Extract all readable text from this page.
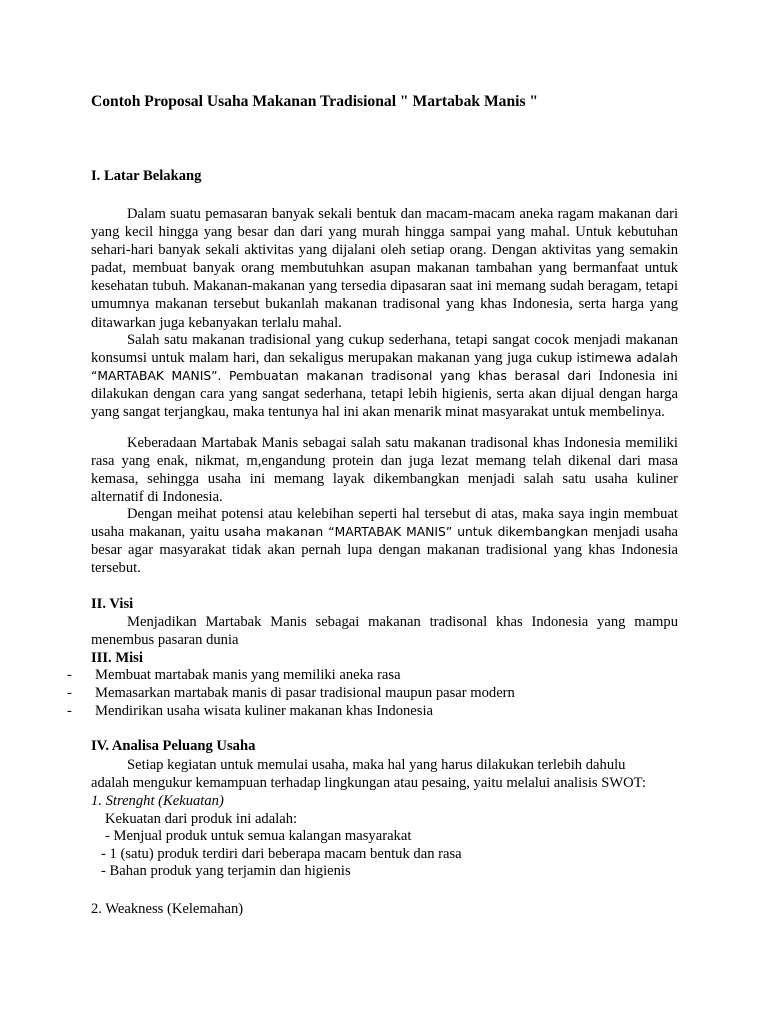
Contoh Proposal Usaha Makanan Tradisional " Martabak Manis "
I. Latar Belakang

Dalam suatu pemasaran banyak sekali bentuk dan macam-macam aneka ragam makanan dari yang kecil hingga yang besar dan dari yang murah hingga sampai yang mahal. Untuk kebutuhan sehari-hari banyak sekali aktivitas yang dijalani oleh setiap orang. Dengan aktivitas yang semakin padat, membuat banyak orang membutuhkan asupan makanan tambahan yang bermanfaat untuk kesehatan tubuh. Makanan-makanan yang tersedia dipasaran saat ini memang sudah beragam, tetapi umumnya makanan tersebut bukanlah makanan tradisonal yang khas Indonesia, serta harga yang ditawarkan juga kebanyakan terlalu mahal.

Salah satu makanan tradisional yang cukup sederhana, tetapi sangat cocok menjadi makanan konsumsi untuk malam hari, dan sekaligus merupakan makanan yang juga cukup istimewa adalah “MARTABAK MANIS”. Pembuatan makanan tradisonal yang khas berasal dari Indonesia ini dilakukan dengan cara yang sangat sederhana, tetapi lebih higienis, serta akan dijual dengan harga yang sangat terjangkau, maka tentunya hal ini akan menarik minat masyarakat untuk membelinya.

Keberadaan Martabak Manis sebagai salah satu makanan tradisonal khas Indonesia memiliki rasa yang enak, nikmat, m,engandung protein dan juga lezat memang telah dikenal dari masa kemasa, sehingga usaha ini memang layak dikembangkan menjadi salah satu usaha kuliner alternatif di Indonesia.

Dengan meihat potensi atau kelebihan seperti hal tersebut di atas, maka saya ingin membuat usaha makanan, yaitu usaha makanan “MARTABAK MANIS” untuk dikembangkan menjadi usaha besar agar masyarakat tidak akan pernah lupa dengan makanan tradisional yang khas Indonesia tersebut.

II. Visi

Menjadikan Martabak Manis sebagai makanan tradisonal khas Indonesia yang mampu menembus pasaran dunia

III. Misi
- Membuat martabak manis yang memiliki aneka rasa
- Memasarkan martabak manis di pasar tradisional maupun pasar modern
- Mendirikan usaha wisata kuliner makanan khas Indonesia
IV. Analisa Peluang Usaha
Setiap kegiatan untuk memulai usaha, maka hal yang harus dilakukan terlebih dahulu
adalah mengukur kemampuan terhadap lingkungan atau pesaing, yaitu melalui analisis SWOT:
1. Strenght (Kekuatan)
Kekuatan dari produk ini adalah:
- Menjual produk untuk semua kalangan masyarakat
- 1 (satu) produk terdiri dari beberapa macam bentuk dan rasa
- Bahan produk yang terjamin dan higienis
2. Weakness (Kelemahan)
